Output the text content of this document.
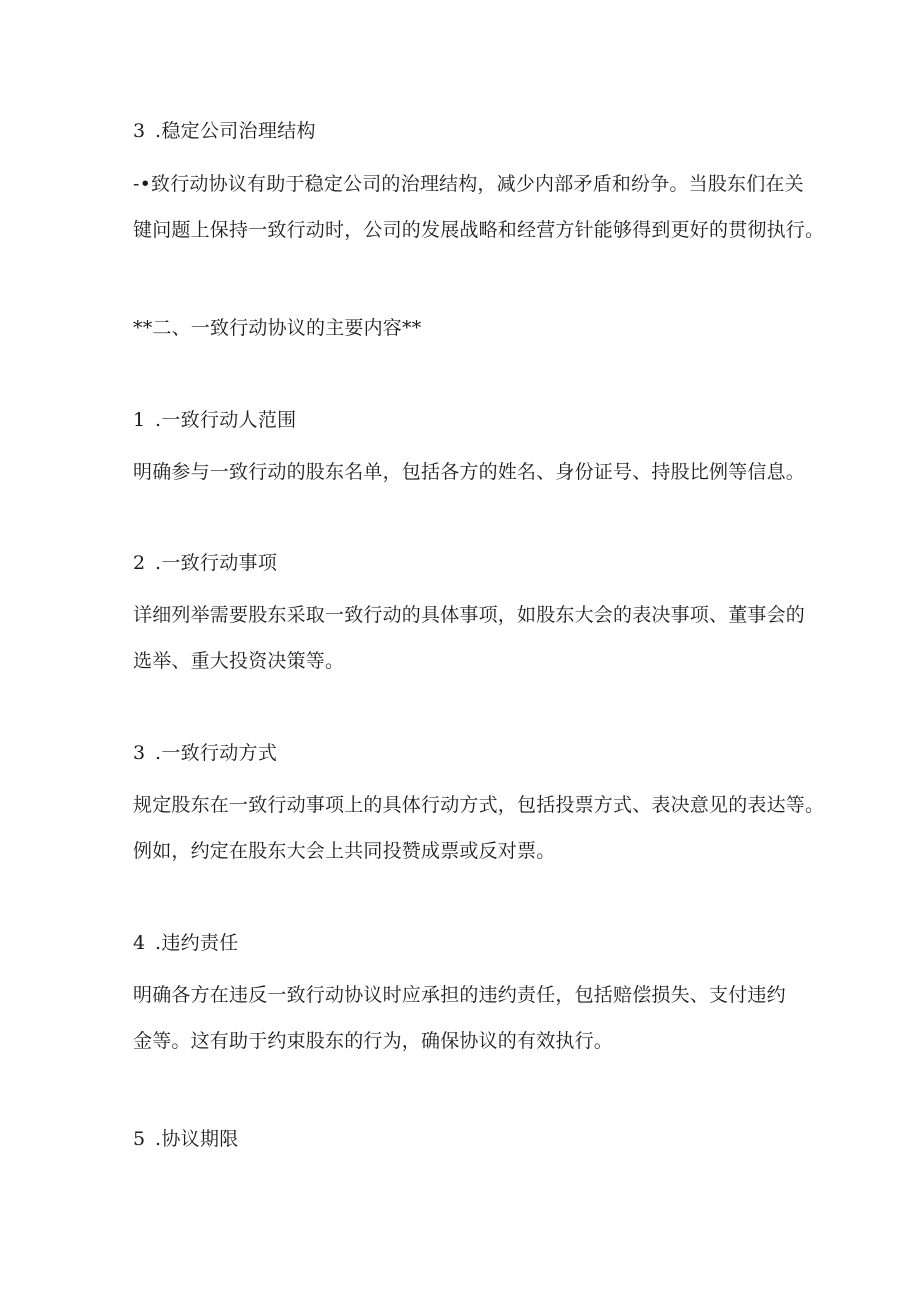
3 .稳定公司治理结构
-•致行动协议有助于稳定公司的治理结构，减少内部矛盾和纷争。当股东们在关
键问题上保持一致行动时，公司的发展战略和经营方针能够得到更好的贯彻执行。
**二、一致行动协议的主要内容**
1 .一致行动人范围
明确参与一致行动的股东名单，包括各方的姓名、身份证号、持股比例等信息。
2 .一致行动事项
详细列举需要股东采取一致行动的具体事项，如股东大会的表决事项、董事会的
选举、重大投资决策等。
3 .一致行动方式
规定股东在一致行动事项上的具体行动方式，包括投票方式、表决意见的表达等。
例如，约定在股东大会上共同投赞成票或反对票。
4 .违约责任
明确各方在违反一致行动协议时应承担的违约责任，包括赔偿损失、支付违约
金等。这有助于约束股东的行为，确保协议的有效执行。
5 .协议期限
